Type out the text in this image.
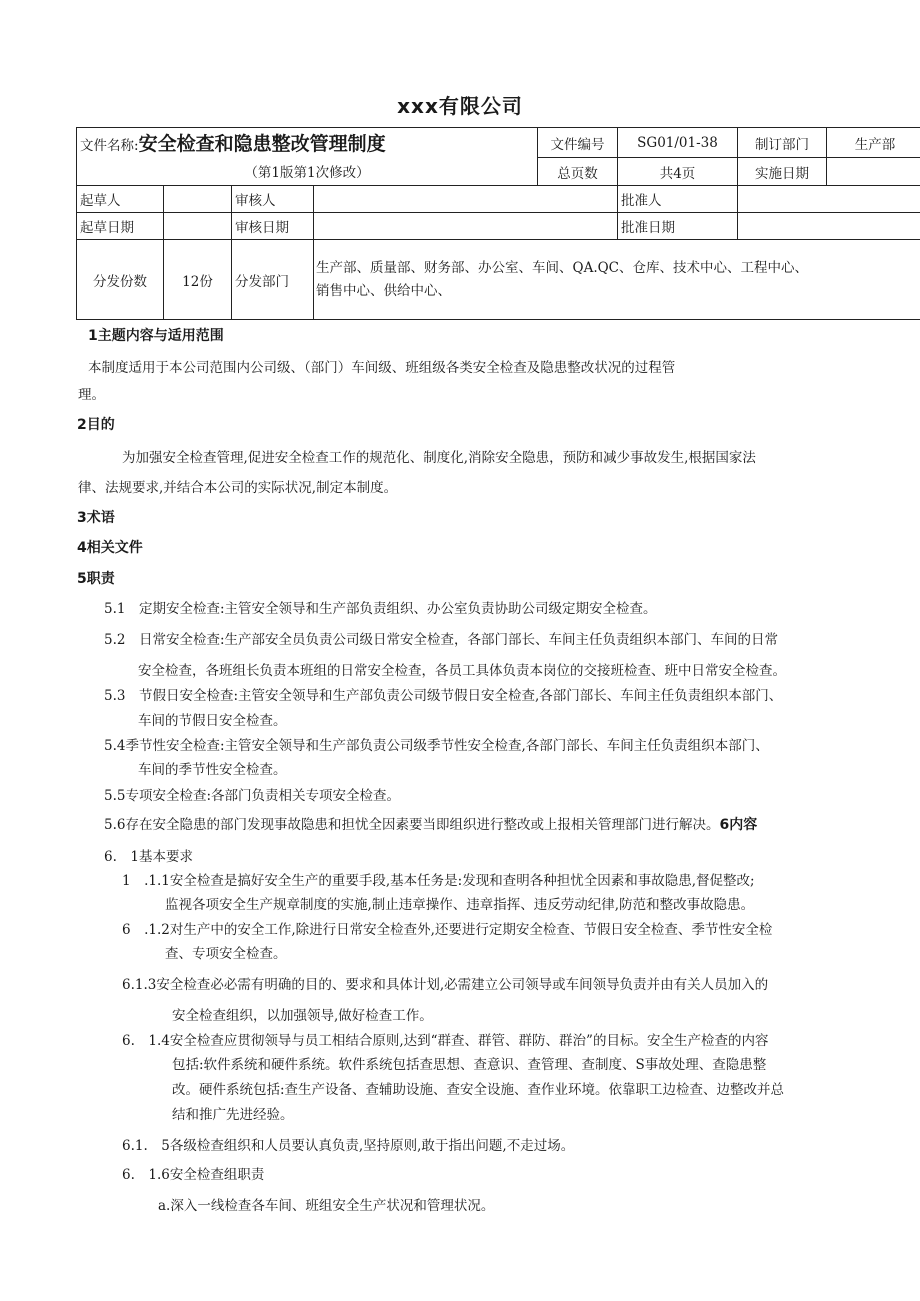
xxx有限公司
文件名称:安全检查和隐患整改管理制度				文件编号	SG01/01-38	制订部门	生产部
（第1版第1次修改）				总页数	共4页	实施日期	
起草人		审核人			批准人		
起草日期		审核日期			批准日期		
分发份数	12份	分发部门	生产部、质量部、财务部、办公室、车间、QA.QC、仓库、技术中心、工程中心、
销售中心、供给中心、				
1主题内容与适用范围
本制度适用于本公司范围内公司级、（部门）车间级、班组级各类安全检查及隐患整改状况的过程管
理。
2目的
为加强安全检查管理,促进安全检查工作的规范化、制度化,消除安全隐患，预防和减少事故发生,根据国家法
律、法规要求,并结合本公司的实际状况,制定本制度。
3术语
4相关文件
5职责
5.1　定期安全检查:主管安全领导和生产部负责组织、办公室负责协助公司级定期安全检查。
5.2　日常安全检查:生产部安全员负责公司级日常安全检查，各部门部长、车间主任负责组织本部门、车间的日常
安全检查，各班组长负责本班组的日常安全检查，各员工具体负责本岗位的交接班检查、班中日常安全检查。
5.3　节假日安全检查:主管安全领导和生产部负责公司级节假日安全检查,各部门部长、车间主任负责组织本部门、
车间的节假日安全检查。
5.4季节性安全检查:主管安全领导和生产部负责公司级季节性安全检查,各部门部长、车间主任负责组织本部门、
车间的季节性安全检查。
5.5专项安全检查:各部门负责相关专项安全检查。
5.6存在安全隐患的部门发现事故隐患和担忧全因素要当即组织进行整改或上报相关管理部门进行解决。6内容
6.　1基本要求
1　.1.1安全检查是搞好安全生产的重要手段,基本任务是:发现和查明各种担忧全因素和事故隐患,督促整改;
监视各项安全生产规章制度的实施,制止违章操作、违章指挥、违反劳动纪律,防范和整改事故隐患。
6　.1.2对生产中的安全工作,除进行日常安全检查外,还要进行定期安全检查、节假日安全检查、季节性安全检
查、专项安全检查。
6.1.3安全检查必必需有明确的目的、要求和具体计划,必需建立公司领导或车间领导负责并由有关人员加入的
安全检查组织，以加强领导,做好检查工作。
6.　1.4安全检查应贯彻领导与员工相结合原则,达到“群查、群管、群防、群治”的目标。安全生产检查的内容
包括:软件系统和硬件系统。软件系统包括查思想、查意识、查管理、查制度、S事故处理、查隐患整
改。硬件系统包括:查生产设备、查辅助设施、查安全设施、查作业环境。依靠职工边检查、边整改并总
结和推广先进经验。
6.1.　5各级检查组织和人员要认真负责,坚持原则,敢于指出问题,不走过场。
6.　1.6安全检查组职责
a.深入一线检查各车间、班组安全生产状况和管理状况。
